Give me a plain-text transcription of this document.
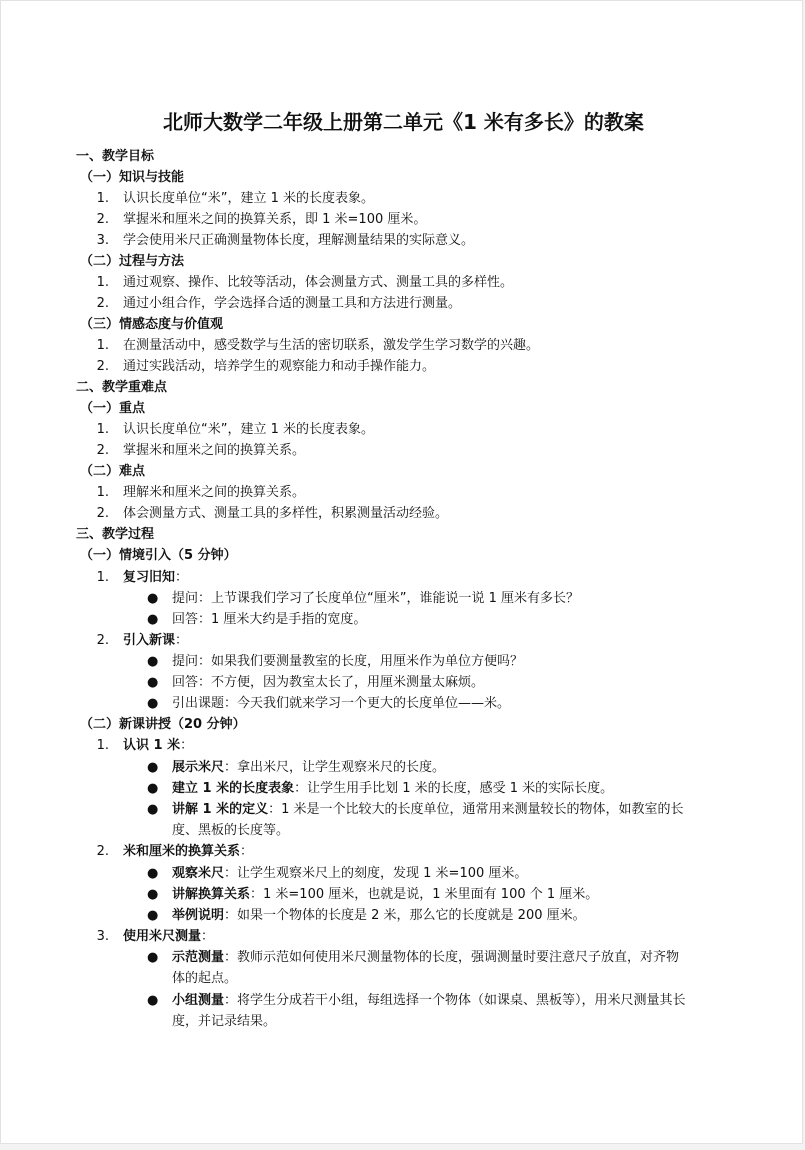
北师大数学二年级上册第二单元《1 米有多长》的教案
一、教学目标
（一）知识与技能
1. 认识长度单位“米”，建立 1 米的长度表象。
2. 掌握米和厘米之间的换算关系，即 1 米=100 厘米。
3. 学会使用米尺正确测量物体长度，理解测量结果的实际意义。
（二）过程与方法
1. 通过观察、操作、比较等活动，体会测量方式、测量工具的多样性。
2. 通过小组合作，学会选择合适的测量工具和方法进行测量。
（三）情感态度与价值观
1. 在测量活动中，感受数学与生活的密切联系，激发学生学习数学的兴趣。
2. 通过实践活动，培养学生的观察能力和动手操作能力。
二、教学重难点
（一）重点
1. 认识长度单位“米”，建立 1 米的长度表象。
2. 掌握米和厘米之间的换算关系。
（二）难点
1. 理解米和厘米之间的换算关系。
2. 体会测量方式、测量工具的多样性，积累测量活动经验。
三、教学过程
（一）情境引入（5 分钟）
1. 复习旧知：
● 提问：上节课我们学习了长度单位“厘米”，谁能说一说 1 厘米有多长？
● 回答：1 厘米大约是手指的宽度。
2. 引入新课：
● 提问：如果我们要测量教室的长度，用厘米作为单位方便吗？
● 回答：不方便，因为教室太长了，用厘米测量太麻烦。
● 引出课题：今天我们就来学习一个更大的长度单位——米。
（二）新课讲授（20 分钟）
1. 认识 1 米：
● 展示米尺：拿出米尺，让学生观察米尺的长度。
● 建立 1 米的长度表象：让学生用手比划 1 米的长度，感受 1 米的实际长度。
● 讲解 1 米的定义：1 米是一个比较大的长度单位，通常用来测量较长的物体，如教室的长
度、黑板的长度等。
2. 米和厘米的换算关系：
● 观察米尺：让学生观察米尺上的刻度，发现 1 米=100 厘米。
● 讲解换算关系：1 米=100 厘米，也就是说，1 米里面有 100 个 1 厘米。
● 举例说明：如果一个物体的长度是 2 米，那么它的长度就是 200 厘米。
3. 使用米尺测量：
● 示范测量：教师示范如何使用米尺测量物体的长度，强调测量时要注意尺子放直，对齐物
体的起点。
● 小组测量：将学生分成若干小组，每组选择一个物体（如课桌、黑板等），用米尺测量其长
度，并记录结果。
